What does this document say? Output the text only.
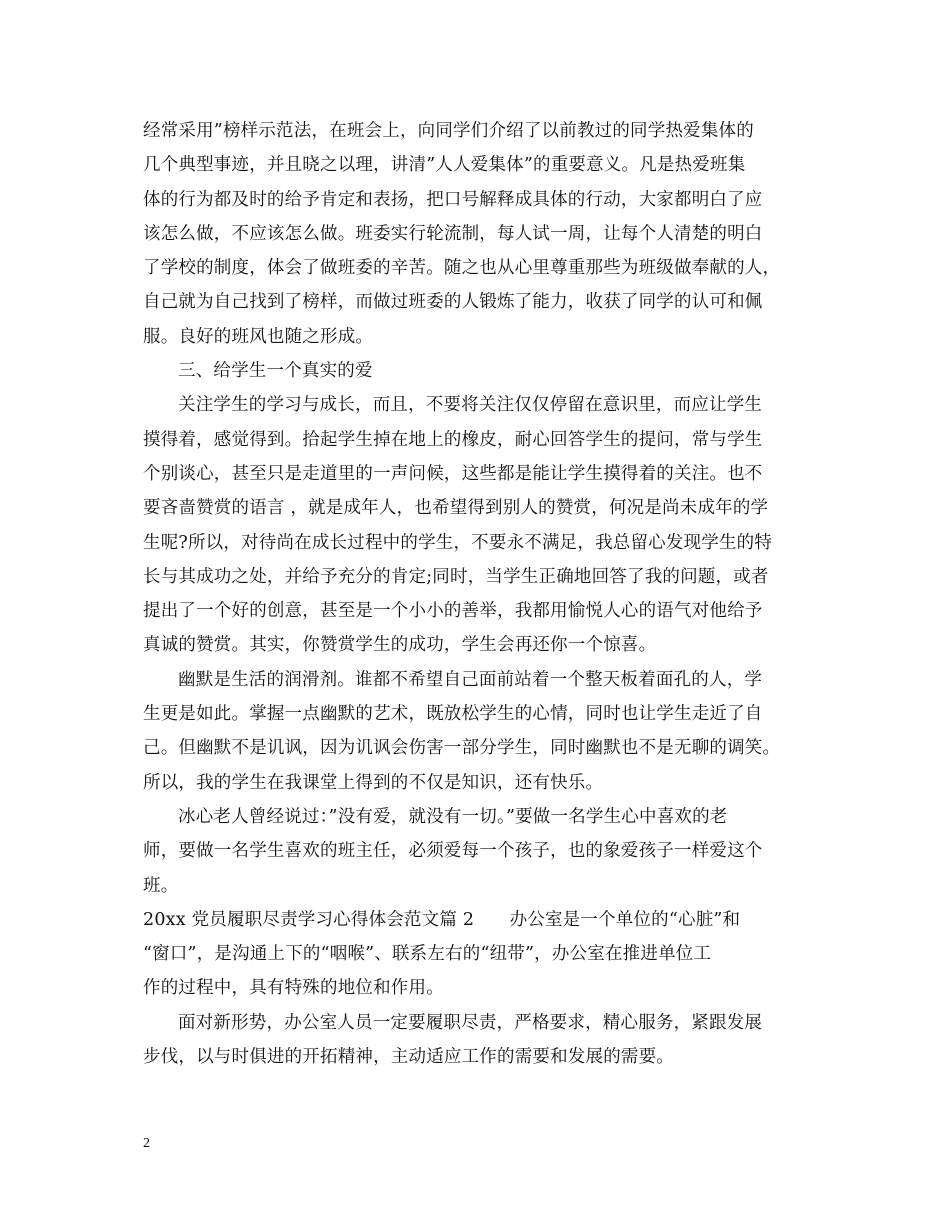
经常采用”榜样示范法，在班会上，向同学们介绍了以前教过的同学热爱集体的
几个典型事迹，并且晓之以理，讲清”人人爱集体”的重要意义。凡是热爱班集
体的行为都及时的给予肯定和表扬，把口号解释成具体的行动，大家都明白了应
该怎么做，不应该怎么做。班委实行轮流制，每人试一周，让每个人清楚的明白
了学校的制度，体会了做班委的辛苦。随之也从心里尊重那些为班级做奉献的人，
自己就为自己找到了榜样，而做过班委的人锻炼了能力，收获了同学的认可和佩
服。良好的班风也随之形成。
三、给学生一个真实的爱
关注学生的学习与成长，而且，不要将关注仅仅停留在意识里，而应让学生
摸得着，感觉得到。拾起学生掉在地上的橡皮，耐心回答学生的提问，常与学生
个别谈心，甚至只是走道里的一声问候，这些都是能让学生摸得着的关注。也不
要吝啬赞赏的语言 ，就是成年人，也希望得到别人的赞赏，何况是尚未成年的学
生呢?所以，对待尚在成长过程中的学生，不要永不满足，我总留心发现学生的特
长与其成功之处，并给予充分的肯定;同时，当学生正确地回答了我的问题，或者
提出了一个好的创意，甚至是一个小小的善举，我都用愉悦人心的语气对他给予
真诚的赞赏。其实，你赞赏学生的成功，学生会再还你一个惊喜。
幽默是生活的润滑剂。谁都不希望自己面前站着一个整天板着面孔的人，学
生更是如此。掌握一点幽默的艺术，既放松学生的心情，同时也让学生走近了自
己。但幽默不是讥讽，因为讥讽会伤害一部分学生，同时幽默也不是无聊的调笑。
所以，我的学生在我课堂上得到的不仅是知识，还有快乐。
冰心老人曾经说过：”没有爱，就没有一切。”要做一名学生心中喜欢的老
师，要做一名学生喜欢的班主任，必须爱每一个孩子，也的象爱孩子一样爱这个
班。
20xx 党员履职尽责学习心得体会范文篇 2　　办公室是一个单位的“心脏”和
“窗口”，是沟通上下的“咽喉”、联系左右的“纽带”，办公室在推进单位工
作的过程中，具有特殊的地位和作用。
面对新形势，办公室人员一定要履职尽责，严格要求，精心服务，紧跟发展
步伐，以与时俱进的开拓精神，主动适应工作的需要和发展的需要。
2
